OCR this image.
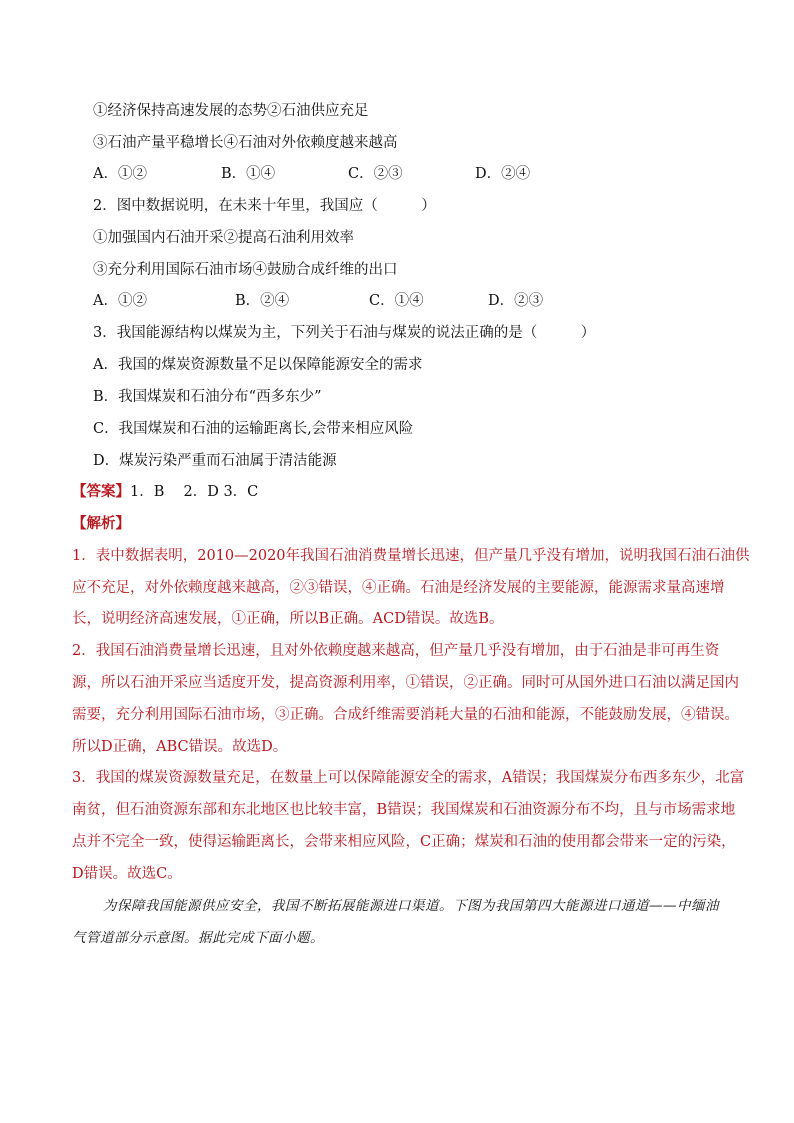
①经济保持高速发展的态势②石油供应充足
③石油产量平稳增长④石油对外依赖度越来越高
A．①②	B．①④	C．②③	D．②④
2．图中数据说明，在未来十年里，我国应（　　　）
①加强国内石油开采②提高石油利用效率
③充分利用国际石油市场④鼓励合成纤维的出口
A．①②	B．②④	C．①④	D．②③
3．我国能源结构以煤炭为主，下列关于石油与煤炭的说法正确的是（　　　）
A．我国的煤炭资源数量不足以保障能源安全的需求
B．我国煤炭和石油分布“西多东少”
C．我国煤炭和石油的运输距离长,会带来相应风险
D．煤炭污染严重而石油属于清洁能源
【答案】1．B　 2．D 3．C
【解析】
1．表中数据表明，2010—2020年我国石油消费量增长迅速，但产量几乎没有增加，说明我国石油石油供
应不充足，对外依赖度越来越高，②③错误，④正确。石油是经济发展的主要能源，能源需求量高速增
长，说明经济高速发展，①正确，所以B正确。ACD错误。故选B。
2．我国石油消费量增长迅速，且对外依赖度越来越高，但产量几乎没有增加，由于石油是非可再生资
源，所以石油开采应当适度开发，提高资源利用率，①错误，②正确。同时可从国外进口石油以满足国内
需要，充分利用国际石油市场，③正确。合成纤维需要消耗大量的石油和能源，不能鼓励发展，④错误。
所以D正确，ABC错误。故选D。
3．我国的煤炭资源数量充足，在数量上可以保障能源安全的需求，A错误；我国煤炭分布西多东少，北富
南贫，但石油资源东部和东北地区也比较丰富，B错误；我国煤炭和石油资源分布不均，且与市场需求地
点并不完全一致，使得运输距离长，会带来相应风险，C正确；煤炭和石油的使用都会带来一定的污染，
D错误。故选C。
为保障我国能源供应安全，我国不断拓展能源进口渠道。下图为我国第四大能源进口通道——中缅油
气管道部分示意图。据此完成下面小题。
